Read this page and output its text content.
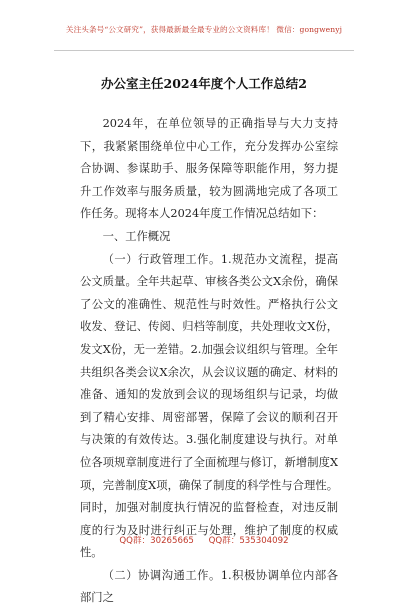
关注头条号“公文研究”，获得最新最全最专业的公文资料库！ 微信：gongwenyj
办公室主任2024年度个人工作总结2

2024年，在单位领导的正确指导与大力支持下，我紧紧围绕单位中心工作，充分发挥办公室综合协调、参谋助手、服务保障等职能作用，努力提升工作效率与服务质量，较为圆满地完成了各项工作任务。现将本人2024年度工作情况总结如下：

一、工作概况

（一）行政管理工作。1.规范办文流程，提高公文质量。全年共起草、审核各类公文X余份，确保了公文的准确性、规范性与时效性。严格执行公文收发、登记、传阅、归档等制度，共处理收文X份，发文X份，无一差错。2.加强会议组织与管理。全年共组织各类会议X余次，从会议议题的确定、材料的准备、通知的发放到会议的现场组织与记录，均做到了精心安排、周密部署，保障了会议的顺利召开与决策的有效传达。3.强化制度建设与执行。对单位各项规章制度进行了全面梳理与修订，新增制度X项，完善制度X项，确保了制度的科学性与合理性。同时，加强对制度执行情况的监督检查，对违反制度的行为及时进行纠正与处理，维护了制度的权威性。

（二）协调沟通工作。1.积极协调单位内部各部门之

QQ群：30265665 QQ群：535304092
